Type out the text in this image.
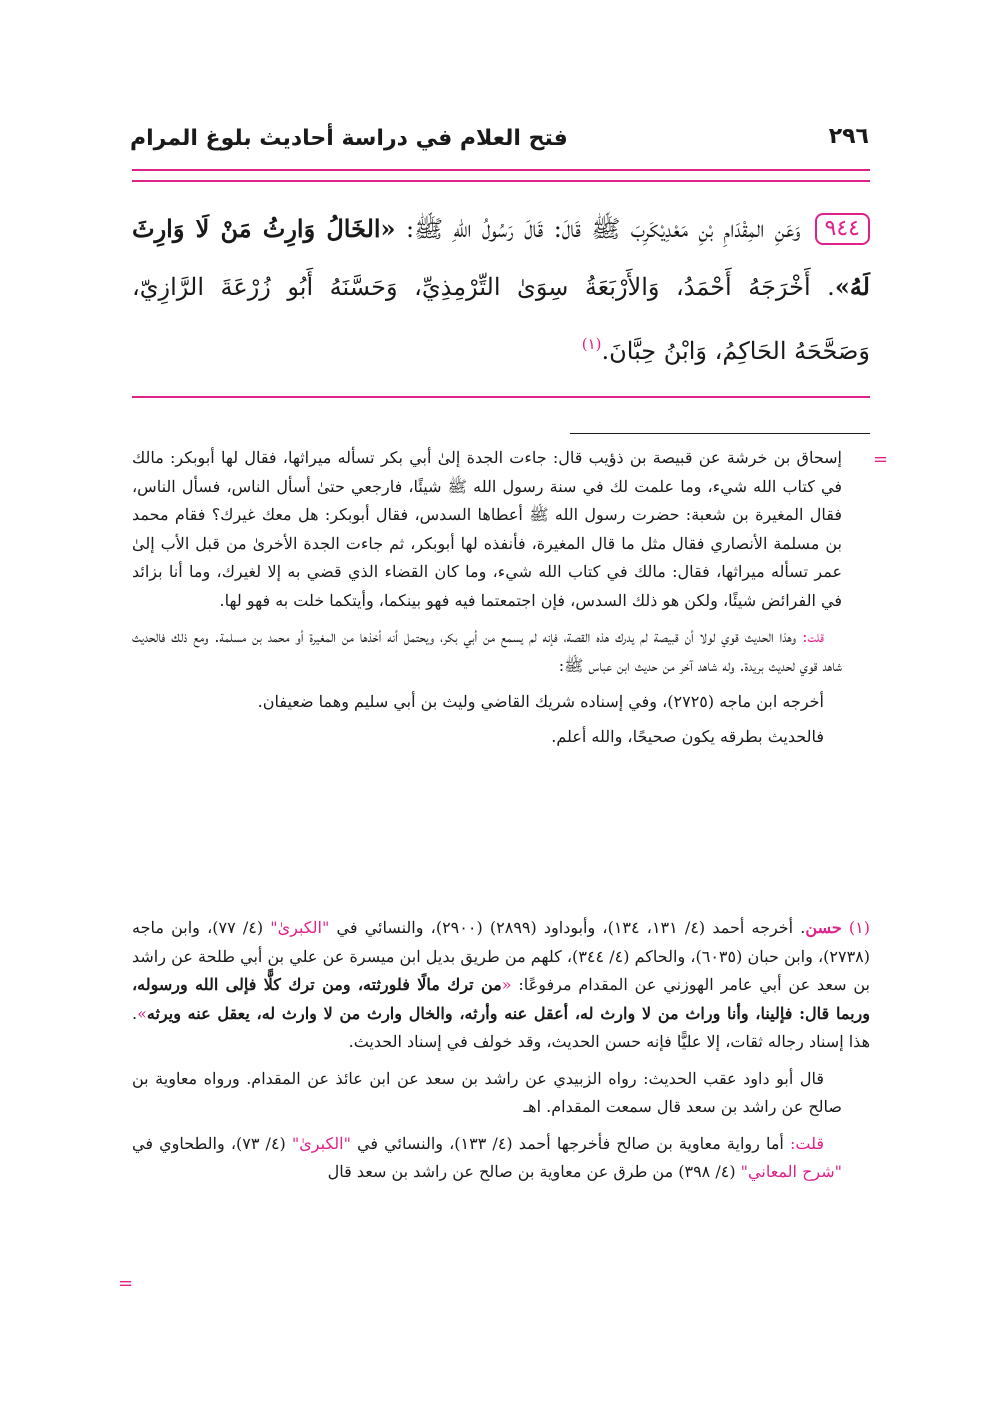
٢٩٦
فتح العلام في دراسة أحاديث بلوغ المرام
٩٤٤وَعَنِ المِقْدَامِ بْنِ مَعْدِيْكَرِبَ ﷺ قَالَ: قَالَ رَسُولُ اللهِ ﷺ: «الخَالُ وَارِثُ مَنْ لَا وَارِثَ لَهُ». أَخْرَجَهُ أَحْمَدُ، وَالأَرْبَعَةُ سِوَىٰ التِّرْمِذِيِّ، وَحَسَّنَهُ أَبُو زُرْعَةَ الرَّازِيّ، وَصَحَّحَهُ الحَاكِمُ، وَابْنُ حِبَّانَ.$^{(١)}$
=

إسحاق بن خرشة عن قبيصة بن ذؤيب قال: جاءت الجدة إلىٰ أبي بكر تسأله ميراثها، فقال لها أبوبكر: مالك في كتاب الله شيء، وما علمت لك في سنة رسول الله ﷺ شيئًا، فارجعي حتىٰ أسأل الناس، فسأل الناس، فقال المغيرة بن شعبة: حضرت رسول الله ﷺ أعطاها السدس، فقال أبوبكر: هل معك غيرك؟ فقام محمد بن مسلمة الأنصاري فقال مثل ما قال المغيرة، فأنفذه لها أبوبكر، ثم جاءت الجدة الأخرىٰ من قبل الأب إلىٰ عمر تسأله ميراثها، فقال: مالك في كتاب الله شيء، وما كان القضاء الذي قضي به إلا لغيرك، وما أنا بزائد في الفرائض شيئًا، ولكن هو ذلك السدس، فإن اجتمعتما فيه فهو بينكما، وأيتكما خلت به فهو لها.

قلت: وهذا الحديث قوي لولا أن قبيصة لم يدرك هذه القصة، فإنه لم يسمع من أبي بكر، ويحتمل أنه أخذها من المغيرة أو محمد بن مسلمة. ومع ذلك فالحديث شاهد قوي لحديث بريدة. وله شاهد آخر من حديث ابن عباس ﷺ:

أخرجه ابن ماجه (٢٧٢٥)، وفي إسناده شريك القاضي وليث بن أبي سليم وهما ضعيفان.

فالحديث بطرقه يكون صحيحًا، والله أعلم.

(١) حسن. أخرجه أحمد (٤/ ١٣١، ١٣٤)، وأبوداود (٢٨٩٩) (٢٩٠٠)، والنسائي في "الكبرىٰ" (٤/ ٧٧)، وابن ماجه (٢٧٣٨)، وابن حبان (٦٠٣٥)، والحاكم (٤/ ٣٤٤)، كلهم من طريق بديل ابن ميسرة عن علي بن أبي طلحة عن راشد بن سعد عن أبي عامر الهوزني عن المقدام مرفوعًا: «من ترك مالًا فلورثته، ومن ترك كلًّا فإلى الله ورسوله، وربما قال: فإلينا، وأنا وراث من لا وارث له، أعقل عنه وأرثه، والخال وارث من لا وارث له، يعقل عنه ويرثه». هذا إسناد رجاله ثقات، إلا عليًّا فإنه حسن الحديث، وقد خولف في إسناد الحديث.

قال أبو داود عقب الحديث: رواه الزبيدي عن راشد بن سعد عن ابن عائذ عن المقدام. ورواه معاوية بن صالح عن راشد بن سعد قال سمعت المقدام. اهـ

قلت: أما رواية معاوية بن صالح فأخرجها أحمد (٤/ ١٣٣)، والنسائي في "الكبرىٰ" (٤/ ٧٣)، والطحاوي في "شرح المعاني" (٤/ ٣٩٨) من طرق عن معاوية بن صالح عن راشد بن سعد قال

=
